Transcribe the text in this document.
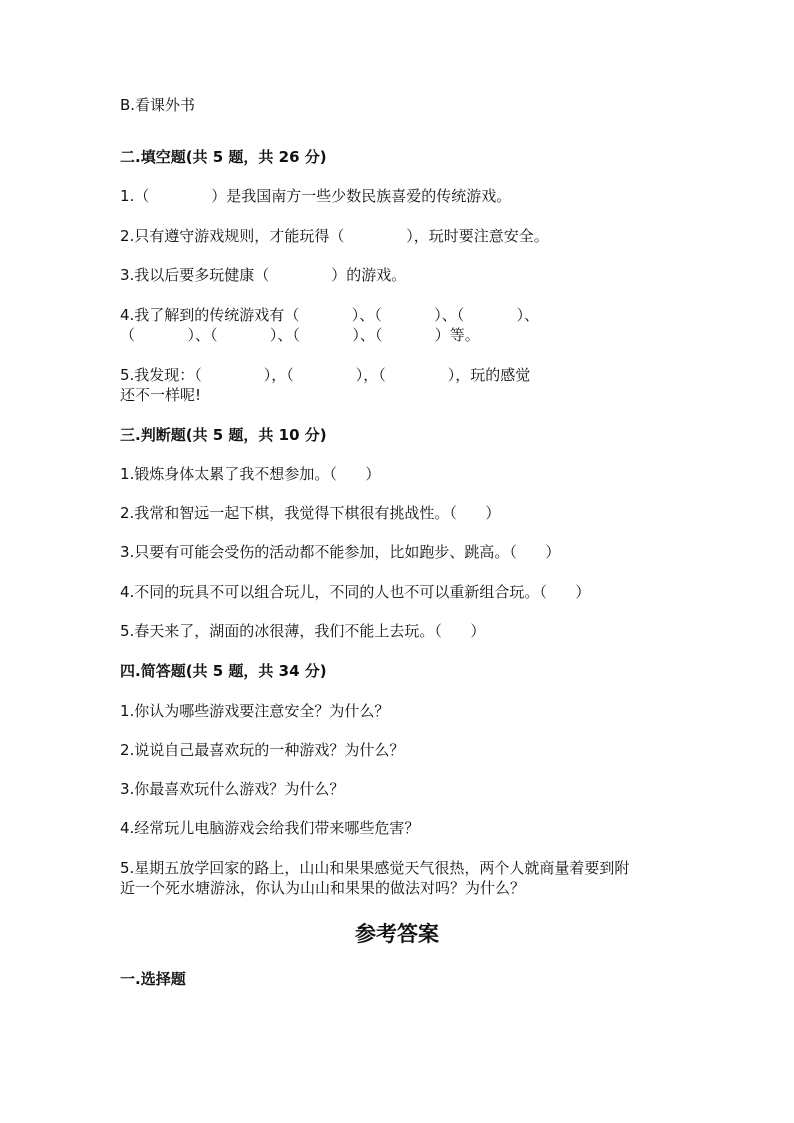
B.看课外书
二.填空题(共 5 题，共 26 分)
1.（             ）是我国南方一些少数民族喜爱的传统游戏。
2.只有遵守游戏规则，才能玩得（             ），玩时要注意安全。
3.我以后要多玩健康（             ）的游戏。
4.我了解到的传统游戏有（           ）、（           ）、（           ）、
（           ）、（           ）、（           ）、（           ）等。
5.我发现：（             ），（             ），（             ），玩的感觉
还不一样呢!
三.判断题(共 5 题，共 10 分)
1.锻炼身体太累了我不想参加。（      ）
2.我常和智远一起下棋，我觉得下棋很有挑战性。（      ）
3.只要有可能会受伤的活动都不能参加，比如跑步、跳高。（      ）
4.不同的玩具不可以组合玩儿，不同的人也不可以重新组合玩。（      ）
5.春天来了，湖面的冰很薄，我们不能上去玩。（      ）
四.简答题(共 5 题，共 34 分)
1.你认为哪些游戏要注意安全？为什么？
2.说说自己最喜欢玩的一种游戏？为什么？
3.你最喜欢玩什么游戏？为什么？
4.经常玩儿电脑游戏会给我们带来哪些危害？
5.星期五放学回家的路上，山山和果果感觉天气很热，两个人就商量着要到附
近一个死水塘游泳，你认为山山和果果的做法对吗？为什么？
参考答案
一.选择题
